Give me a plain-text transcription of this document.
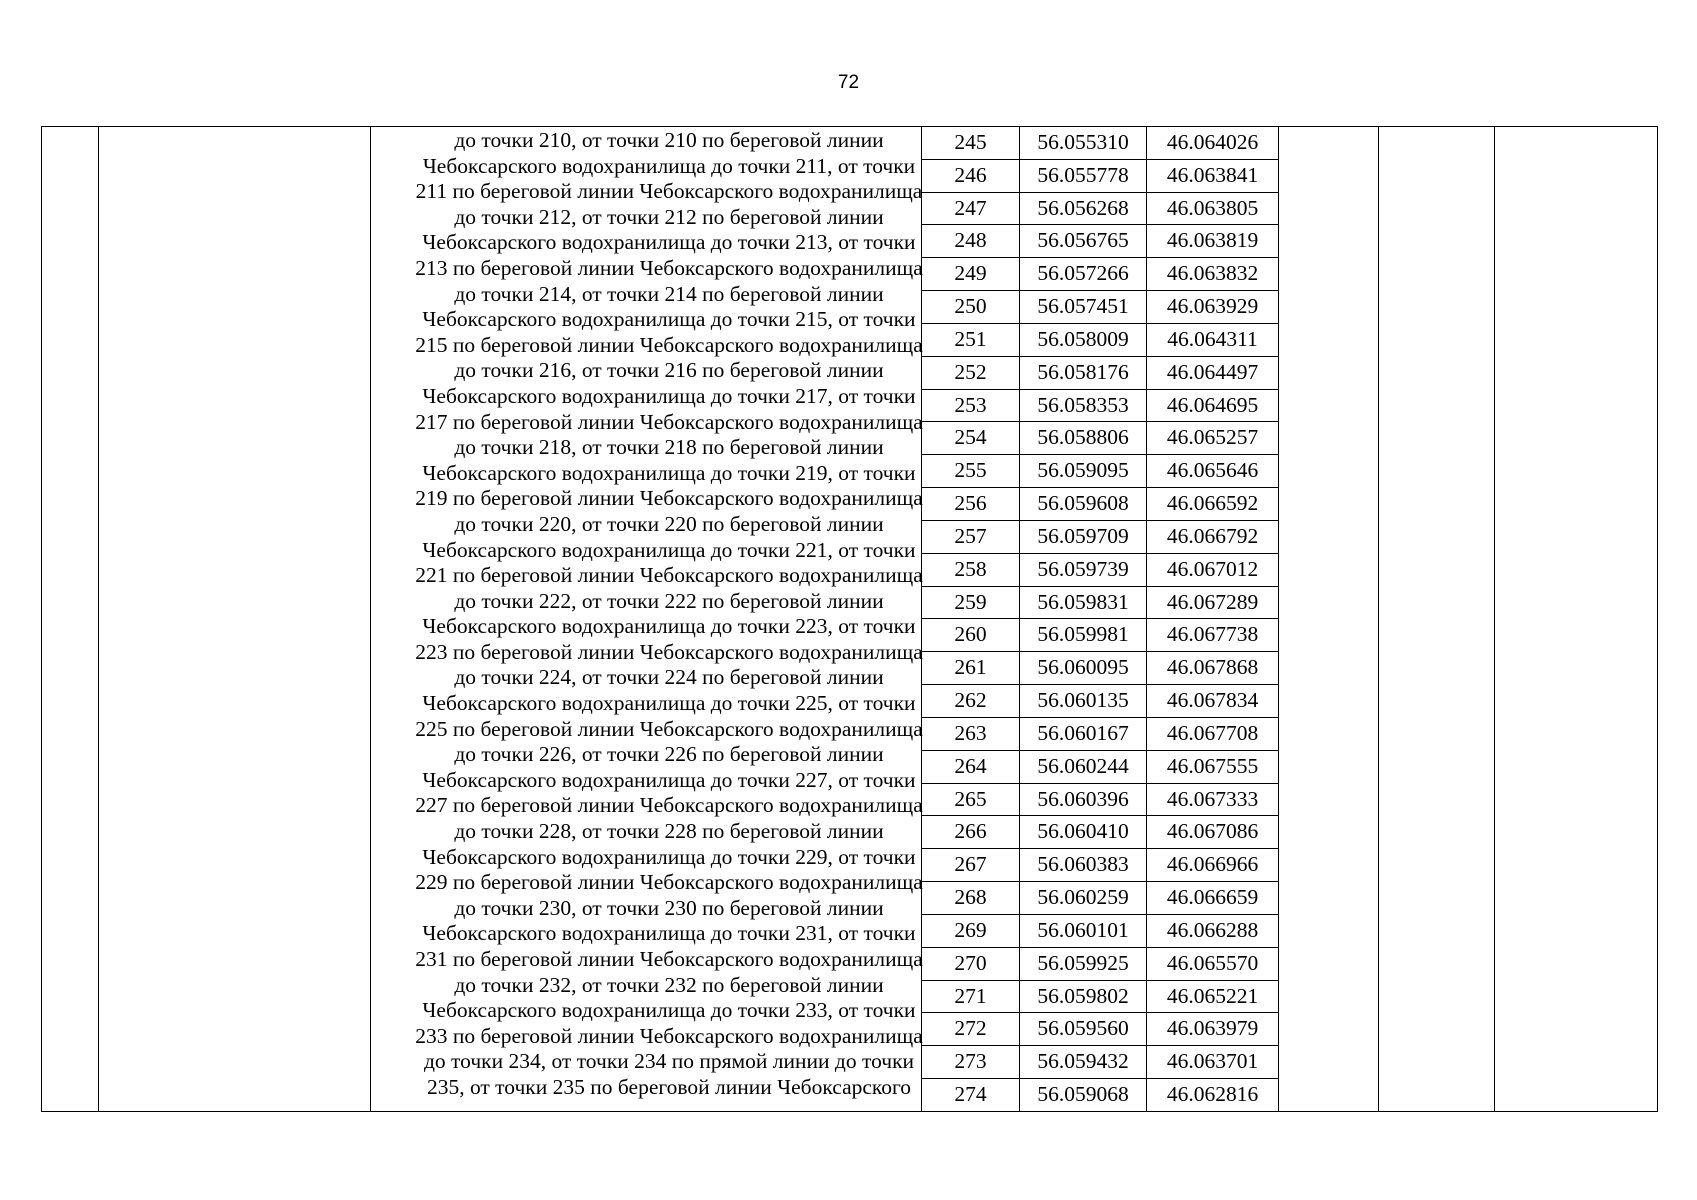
72
до точки 210, от точки 210 по береговой линии
Чебоксарского водохранилища до точки 211, от точки
211 по береговой линии Чебоксарского водохранилища
до точки 212, от точки 212 по береговой линии
Чебоксарского водохранилища до точки 213, от точки
213 по береговой линии Чебоксарского водохранилища
до точки 214, от точки 214 по береговой линии
Чебоксарского водохранилища до точки 215, от точки
215 по береговой линии Чебоксарского водохранилища
до точки 216, от точки 216 по береговой линии
Чебоксарского водохранилища до точки 217, от точки
217 по береговой линии Чебоксарского водохранилища
до точки 218, от точки 218 по береговой линии
Чебоксарского водохранилища до точки 219, от точки
219 по береговой линии Чебоксарского водохранилища
до точки 220, от точки 220 по береговой линии
Чебоксарского водохранилища до точки 221, от точки
221 по береговой линии Чебоксарского водохранилища
до точки 222, от точки 222 по береговой линии
Чебоксарского водохранилища до точки 223, от точки
223 по береговой линии Чебоксарского водохранилища
до точки 224, от точки 224 по береговой линии
Чебоксарского водохранилища до точки 225, от точки
225 по береговой линии Чебоксарского водохранилища
до точки 226, от точки 226 по береговой линии
Чебоксарского водохранилища до точки 227, от точки
227 по береговой линии Чебоксарского водохранилища
до точки 228, от точки 228 по береговой линии
Чебоксарского водохранилища до точки 229, от точки
229 по береговой линии Чебоксарского водохранилища
до точки 230, от точки 230 по береговой линии
Чебоксарского водохранилища до точки 231, от точки
231 по береговой линии Чебоксарского водохранилища
до точки 232, от точки 232 по береговой линии
Чебоксарского водохранилища до точки 233, от точки
233 по береговой линии Чебоксарского водохранилища
до точки 234, от точки 234 по прямой линии до точки
235, от точки 235 по береговой линии Чебоксарского
245	56.055310	46.064026
246	56.055778	46.063841
247	56.056268	46.063805
248	56.056765	46.063819
249	56.057266	46.063832
250	56.057451	46.063929
251	56.058009	46.064311
252	56.058176	46.064497
253	56.058353	46.064695
254	56.058806	46.065257
255	56.059095	46.065646
256	56.059608	46.066592
257	56.059709	46.066792
258	56.059739	46.067012
259	56.059831	46.067289
260	56.059981	46.067738
261	56.060095	46.067868
262	56.060135	46.067834
263	56.060167	46.067708
264	56.060244	46.067555
265	56.060396	46.067333
266	56.060410	46.067086
267	56.060383	46.066966
268	56.060259	46.066659
269	56.060101	46.066288
270	56.059925	46.065570
271	56.059802	46.065221
272	56.059560	46.063979
273	56.059432	46.063701
274	56.059068	46.062816
